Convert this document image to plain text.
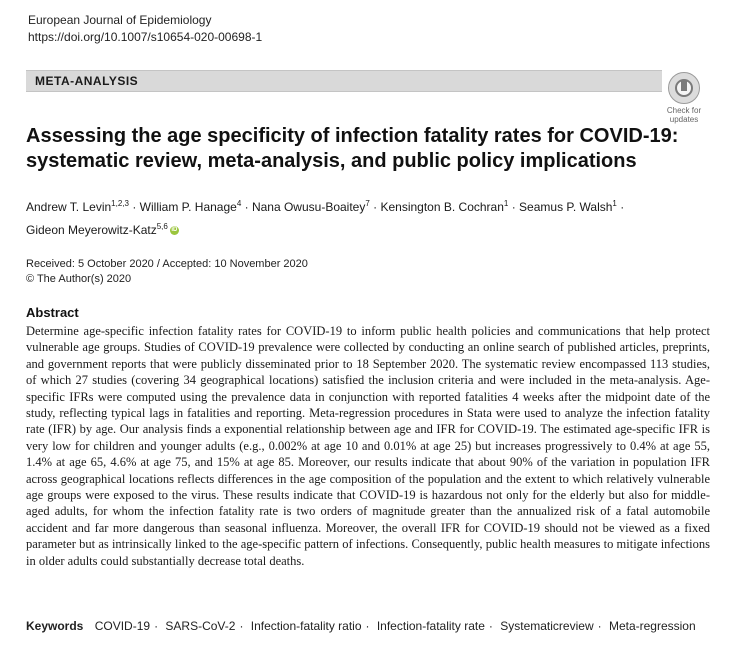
European Journal of Epidemiology
https://doi.org/10.1007/s10654-020-00698-1
META-ANALYSIS
Check for
updates
Assessing the age specificity of infection fatality rates for COVID-19: systematic review, meta-analysis, and public policy implications
Andrew T. Levin$^{1,2,3}$ · William P. Hanage$^4$ · Nana Owusu-Boaitey$^7$ · Kensington B. Cochran$^1$ · Seamus P. Walsh$^1$ ·
Gideon Meyerowitz-Katz$^{5,6}$ iD
Received: 5 October 2020 / Accepted: 10 November 2020
© The Author(s) 2020
Abstract

Determine age-specific infection fatality rates for COVID-19 to inform public health policies and communications that help protect vulnerable age groups. Studies of COVID-19 prevalence were collected by conducting an online search of published articles, preprints, and government reports that were publicly disseminated prior to 18 September 2020. The systematic review encompassed 113 studies, of which 27 studies (covering 34 geographical locations) satisfied the inclusion criteria and were included in the meta-analysis. Age-specific IFRs were computed using the prevalence data in conjunction with reported fatalities 4 weeks after the midpoint date of the study, reflecting typical lags in fatalities and reporting. Meta-regression procedures in Stata were used to analyze the infection fatality rate (IFR) by age. Our analysis finds a exponential relationship between age and IFR for COVID-19. The estimated age-specific IFR is very low for children and younger adults (e.g., 0.002% at age 10 and 0.01% at age 25) but increases progressively to 0.4% at age 55, 1.4% at age 65, 4.6% at age 75, and 15% at age 85. Moreover, our results indicate that about 90% of the variation in population IFR across geographical locations reflects differences in the age composition of the population and the extent to which relatively vulnerable age groups were exposed to the virus. These results indicate that COVID-19 is hazardous not only for the elderly but also for middle-aged adults, for whom the infection fatality rate is two orders of magnitude greater than the annualized risk of a fatal automobile accident and far more dangerous than seasonal influenza. Moreover, the overall IFR for COVID-19 should not be viewed as a fixed parameter but as intrinsically linked to the age-specific pattern of infections. Consequently, public health measures to mitigate infections in older adults could substantially decrease total deaths.

Keywords COVID-19 · SARS-CoV-2 · Infection-fatality ratio · Infection-fatality rate · Systematicreview · Meta-regression
